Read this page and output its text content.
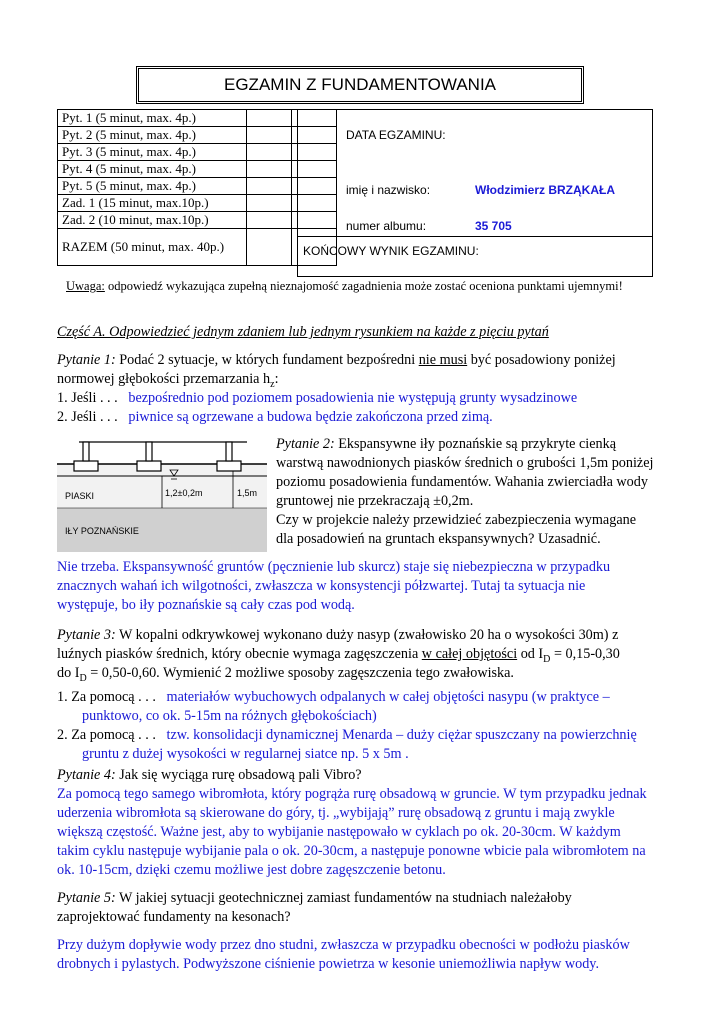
EGZAMIN Z FUNDAMENTOWANIA
Pyt. 1 (5 minut, max. 4p.)		
Pyt. 2 (5 minut, max. 4p.)		
Pyt. 3 (5 minut, max. 4p.)		
Pyt. 4 (5 minut, max. 4p.)		
Pyt. 5 (5 minut, max. 4p.)		
Zad. 1 (15 minut, max.10p.)		
Zad. 2 (10 minut, max.10p.)		
RAZEM (50 minut, max. 40p.)		
DATA EGZAMINU:
imię i nazwisko:	Włodzimierz BRZĄKAŁA
numer albumu:	35 705
KOŃCOWY WYNIK EGZAMINU:
Uwaga: odpowiedź wykazująca zupełną nieznajomość zagadnienia może zostać oceniona punktami ujemnymi!
Część A. Odpowiedzieć jednym zdaniem lub jednym rysunkiem na każde z pięciu pytań
Pytanie 1: Podać 2 sytuacje, w których fundament bezpośredni nie musi być posadowiony poniżej
normowej głębokości przemarzania $h_z$:
1. Jeśli . . . bezpośrednio pod poziomem posadowienia nie występują grunty wysadzinowe
2. Jeśli . . . piwnice są ogrzewane a budowa będzie zakończona przed zimą.
PIASKI
IŁY POZNAŃSKIE
1,2±0,2m	1,5m
Pytanie 2: Ekspansywne iły poznańskie są przykryte cienką
warstwą nawodnionych piasków średnich o grubości 1,5m poniżej
poziomu posadowienia fundamentów. Wahania zwierciadła wody
gruntowej nie przekraczają ±0,2m.
Czy w projekcie należy przewidzieć zabezpieczenia wymagane
dla posadowień na gruntach ekspansywnych? Uzasadnić.
Nie trzeba. Ekspansywność gruntów (pęcznienie lub skurcz) staje się niebezpieczna w przypadku
znacznych wahań ich wilgotności, zwłaszcza w konsystencji półzwartej. Tutaj ta sytuacja nie
występuje, bo iły poznańskie są cały czas pod wodą.
Pytanie 3: W kopalni odkrywkowej wykonano duży nasyp (zwałowisko 20 ha o wysokości 30m) z
luźnych piasków średnich, który obecnie wymaga zagęszczenia w całej objętości od $I_D = 0,15-0,30$
do $I_D = 0,50-0,60$. Wymienić 2 możliwe sposoby zagęszczenia tego zwałowiska.
1. Za pomocą . . . materiałów wybuchowych odpalanych w całej objętości nasypu (w praktyce –
punktowo, co ok. 5-15m na różnych głębokościach)
2. Za pomocą . . . tzw. konsolidacji dynamicznej Menarda – duży ciężar spuszczany na powierzchnię
gruntu z dużej wysokości w regularnej siatce np. 5 x 5m .
Pytanie 4: Jak się wyciąga rurę obsadową pali Vibro?
Za pomocą tego samego wibromłota, który pogrąża rurę obsadową w gruncie. W tym przypadku jednak
uderzenia wibromłota są skierowane do góry, tj. „wybijają” rurę obsadową z gruntu i mają zwykle
większą częstość. Ważne jest, aby to wybijanie następowało w cyklach po ok. 20-30cm. W każdym
takim cyklu następuje wybijanie pala o ok. 20-30cm, a następuje ponowne wbicie pala wibromłotem na
ok. 10-15cm, dzięki czemu możliwe jest dobre zagęszczenie betonu.
Pytanie 5: W jakiej sytuacji geotechnicznej zamiast fundamentów na studniach należałoby
zaprojektować fundamenty na kesonach?
Przy dużym dopływie wody przez dno studni, zwłaszcza w przypadku obecności w podłożu piasków
drobnych i pylastych. Podwyższone ciśnienie powietrza w kesonie uniemożliwia napływ wody.
